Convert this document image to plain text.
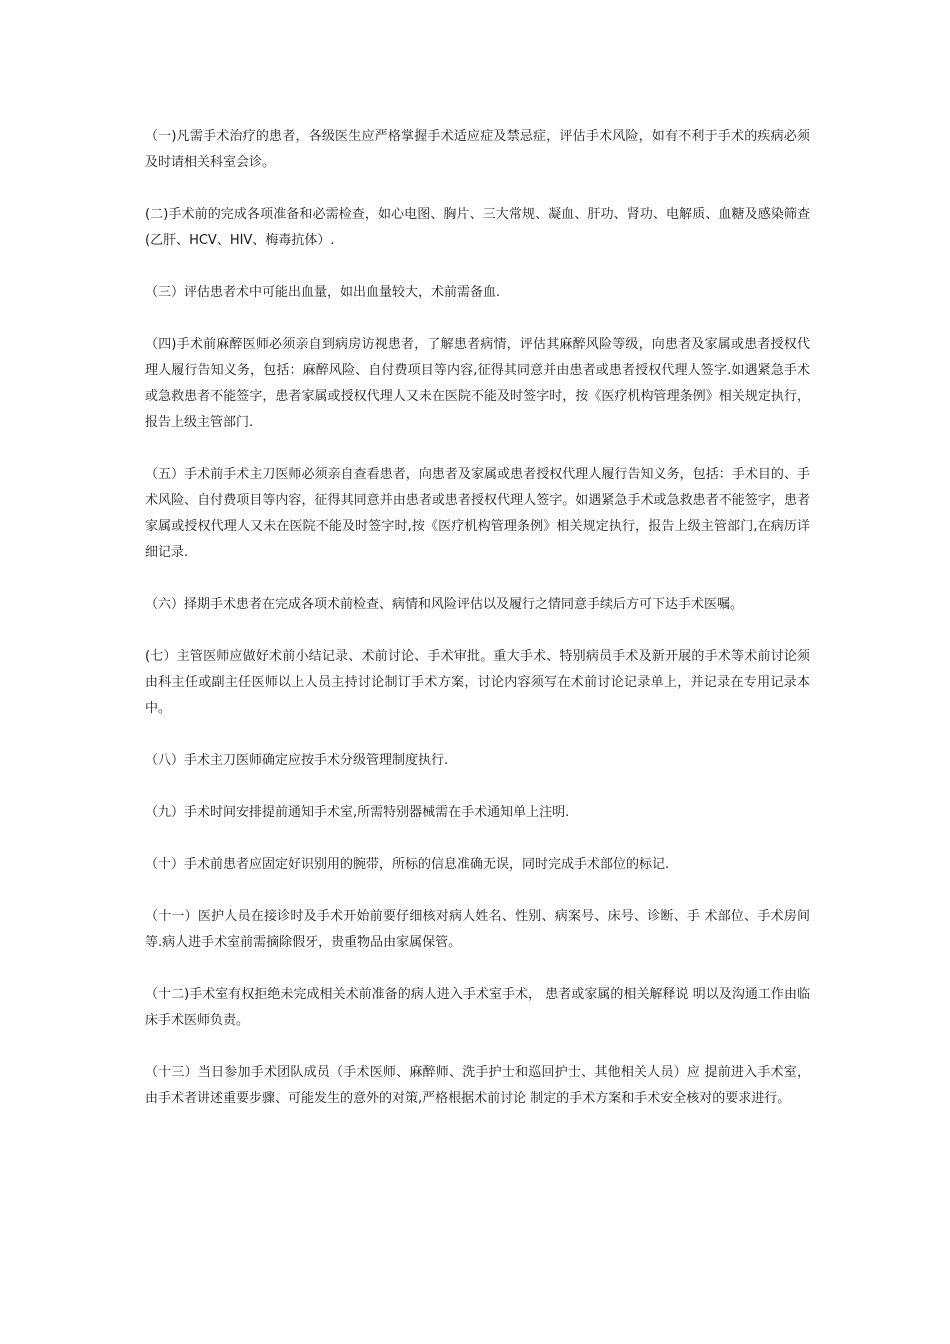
（一)凡需手术治疗的患者，各级医生应严格掌握手术适应症及禁忌症，评估手术风险，如有不利于手术的疾病必须及时请相关科室会诊。

(二)手术前的完成各项准备和必需检查，如心电图、胸片、三大常规、凝血、肝功、肾功、电解质、血糖及感染筛查(乙肝、HCV、HIV、梅毒抗体）.

（三）评估患者术中可能出血量，如出血量较大，术前需备血.

（四)手术前麻醉医师必须亲自到病房访视患者，了解患者病情，评估其麻醉风险等级，向患者及家属或患者授权代理人履行告知义务，包括：麻醉风险、自付费项目等内容,征得其同意并由患者或患者授权代理人签字.如遇紧急手术或急救患者不能签字，患者家属或授权代理人又未在医院不能及时签字时，按《医疗机构管理条例》相关规定执行，报告上级主管部门.

（五）手术前手术主刀医师必须亲自查看患者，向患者及家属或患者授权代理人履行告知义务，包括：手术目的、手术风险、自付费项目等内容，征得其同意并由患者或患者授权代理人签字。如遇紧急手术或急救患者不能签字，患者家属或授权代理人又未在医院不能及时签字时,按《医疗机构管理条例》相关规定执行，报告上级主管部门,在病历详细记录.

（六）择期手术患者在完成各项术前检查、病情和风险评估以及履行之情同意手续后方可下达手术医嘱。

(七）主管医师应做好术前小结记录、术前讨论、手术审批。重大手术、特别病员手术及新开展的手术等术前讨论须由科主任或副主任医师以上人员主持讨论制订手术方案，讨论内容须写在术前讨论记录单上，并记录在专用记录本中。

（八）手术主刀医师确定应按手术分级管理制度执行.

（九）手术时间安排提前通知手术室,所需特别器械需在手术通知单上注明.

（十）手术前患者应固定好识别用的腕带，所标的信息准确无误，同时完成手术部位的标记.

（十一）医护人员在接诊时及手术开始前要仔细核对病人姓名、性别、病案号、床号、诊断、手 术部位、手术房间等.病人进手术室前需摘除假牙，贵重物品由家属保管。

（十二)手术室有权拒绝未完成相关术前准备的病人进入手术室手术， 患者或家属的相关解释说 明以及沟通工作由临床手术医师负责。

（十三）当日参加手术团队成员（手术医师、麻醉师、洗手护士和巡回护士、其他相关人员）应 提前进入手术室，由手术者讲述重要步骤、可能发生的意外的对策,严格根据术前讨论 制定的手术方案和手术安全核对的要求进行。
